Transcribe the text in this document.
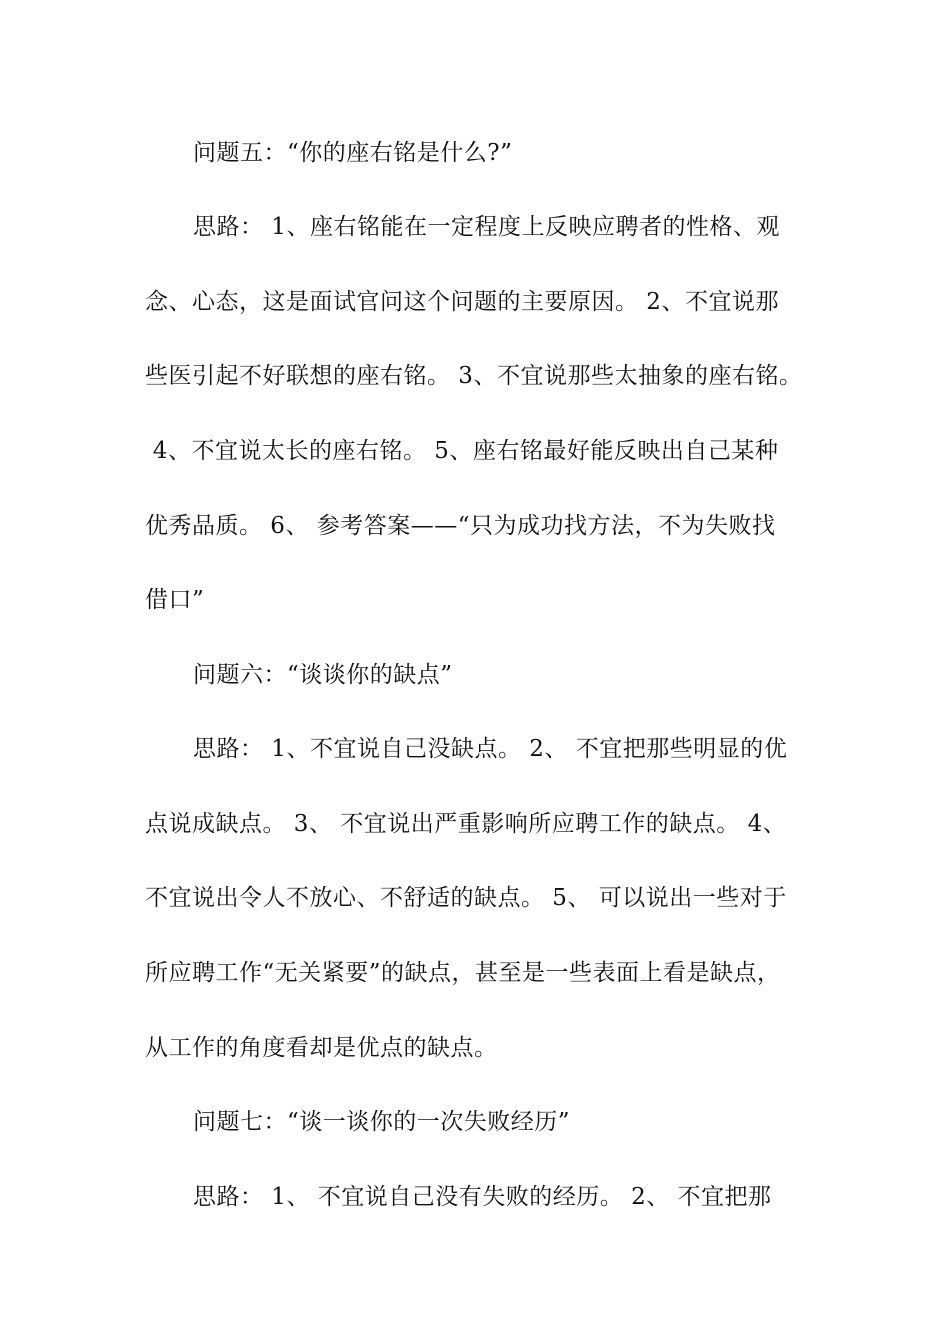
问题五：“你的座右铭是什么?”
思路： 1、座右铭能在一定程度上反映应聘者的性格、观
念、心态，这是面试官问这个问题的主要原因。 2、不宜说那
些医引起不好联想的座右铭。 3、不宜说那些太抽象的座右铭。
4、不宜说太长的座右铭。 5、座右铭最好能反映出自己某种
优秀品质。 6、 参考答案——“只为成功找方法，不为失败找
借口”
问题六：“谈谈你的缺点”
思路： 1、不宜说自己没缺点。 2、 不宜把那些明显的优
点说成缺点。 3、 不宜说出严重影响所应聘工作的缺点。 4、
不宜说出令人不放心、不舒适的缺点。 5、 可以说出一些对于
所应聘工作“无关紧要”的缺点，甚至是一些表面上看是缺点，
从工作的角度看却是优点的缺点。
问题七：“谈一谈你的一次失败经历”
思路： 1、 不宜说自己没有失败的经历。 2、 不宜把那
